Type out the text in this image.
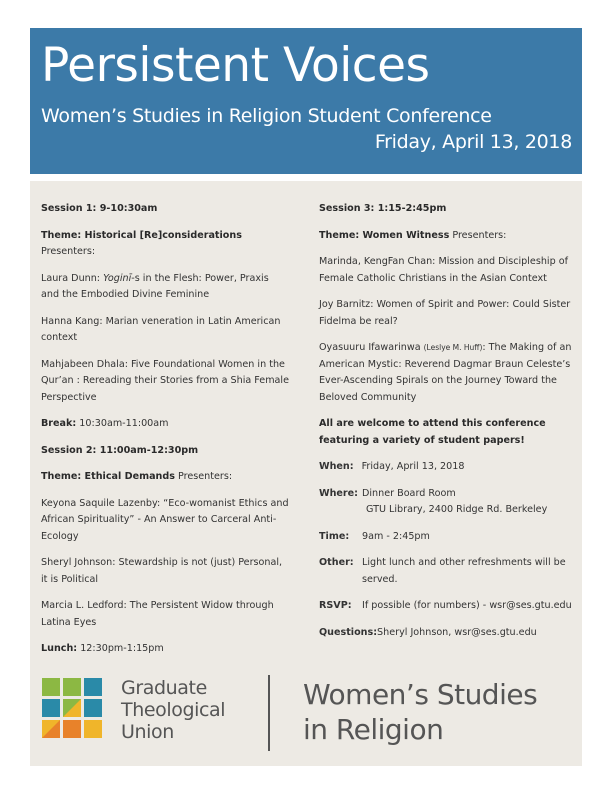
Persistent Voices
Women’s Studies in Religion Student Conference
Friday, April 13, 2018

Session 1: 9-10:30am

Theme: Historical [Re]considerations Presenters:

Laura Dunn: Yoginī-s in the Flesh: Power, Praxis and the Embodied Divine Feminine

Hanna Kang: Marian veneration in Latin American context

Mahjabeen Dhala: Five Foundational Women in the Qur’an : Rereading their Stories from a Shia Female Perspective

Break: 10:30am-11:00am

Session 2: 11:00am-12:30pm

Theme: Ethical Demands Presenters:

Keyona Saquile Lazenby: “Eco-womanist Ethics and African Spirituality” - An Answer to Carceral Anti-Ecology

Sheryl Johnson: Stewardship is not (just) Personal, it is Political

Marcia L. Ledford: The Persistent Widow through Latina Eyes

Lunch: 12:30pm-1:15pm

Session 3: 1:15-2:45pm

Theme: Women Witness Presenters:

Marinda, KengFan Chan: Mission and Discipleship of Female Catholic Christians in the Asian Context

Joy Barnitz: Women of Spirit and Power: Could Sister Fidelma be real?

Oyasuuru Ifawarinwa (Leslye M. Huff): The Making of an American Mystic: Reverend Dagmar Braun Celeste’s Ever-Ascending Spirals on the Journey Toward the Beloved Community

All are welcome to attend this conference featuring a variety of student papers!

When: Friday, April 13, 2018
Where: Dinner Board Room
GTU Library, 2400 Ridge Rd. Berkeley
Time:	9am - 2:45pm
Other: Light lunch and other refreshments will be served.
RSVP:	If possible (for numbers) - wsr@ses.gtu.edu
Questions: Sheryl Johnson, wsr@ses.gtu.edu
Graduate
Theological
Union
Women’s Studies
in Religion
